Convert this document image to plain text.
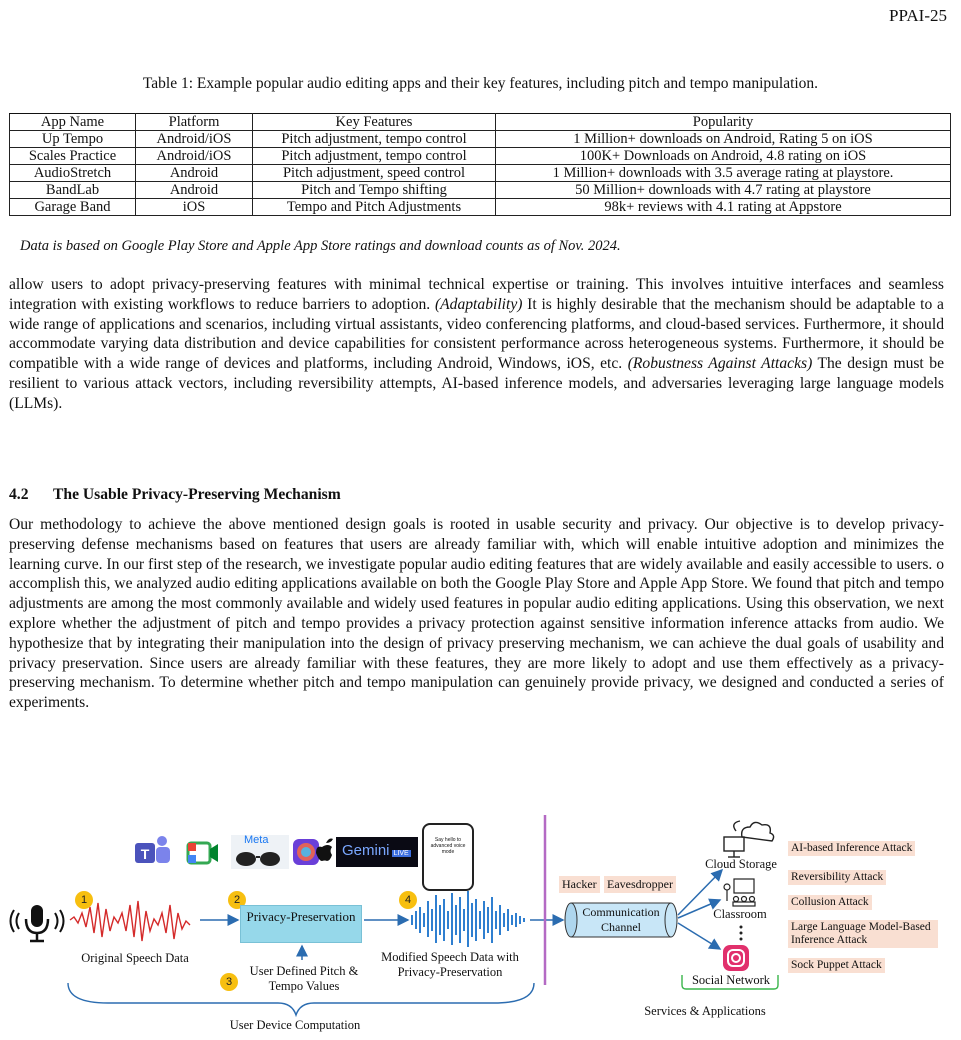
PPAI-25
Table 1: Example popular audio editing apps and their key features, including pitch and tempo manipulation.
App Name	Platform	Key Features	Popularity
Up Tempo	Android/iOS	Pitch adjustment, tempo control	1 Million+ downloads on Android, Rating 5 on iOS
Scales Practice	Android/iOS	Pitch adjustment, tempo control	100K+ Downloads on Android, 4.8 rating on iOS
AudioStretch	Android	Pitch adjustment, speed control	1 Million+ downloads with 3.5 average rating at playstore.
BandLab	Android	Pitch and Tempo shifting	50 Million+ downloads with 4.7 rating at playstore
Garage Band	iOS	Tempo and Pitch Adjustments	98k+ reviews with 4.1 rating at Appstore
Data is based on Google Play Store and Apple App Store ratings and download counts as of Nov. 2024.

allow users to adopt privacy-preserving features with minimal technical expertise or training. This involves intuitive interfaces and seamless integration with existing workflows to reduce barriers to adoption. (Adaptability) It is highly desirable that the mechanism should be adaptable to a wide range of applications and scenarios, including virtual assistants, video conferencing platforms, and cloud-based services. Furthermore, it should accommodate varying data distribution and device capabilities for consistent performance across heterogeneous systems. Furthermore, it should be compatible with a wide range of devices and platforms, including Android, Windows, iOS, etc. (Robustness Against Attacks) The design must be resilient to various attack vectors, including reversibility attempts, AI-based inference models, and adversaries leveraging large language models (LLMs).

4.2 The Usable Privacy-Preserving Mechanism

Our methodology to achieve the above mentioned design goals is rooted in usable security and privacy. Our objective is to develop privacy-preserving defense mechanisms based on features that users are already familiar with, which will enable intuitive adoption and minimizes the learning curve. In our first step of the research, we investigate popular audio editing features that are widely available and easily accessible to users. o accomplish this, we analyzed audio editing applications available on both the Google Play Store and Apple App Store. We found that pitch and tempo adjustments are among the most commonly available and widely used features in popular audio editing applications. Using this observation, we next explore whether the adjustment of pitch and tempo provides a privacy protection against sensitive information inference attacks from audio. We hypothesize that by integrating their manipulation into the design of privacy preserving mechanism, we can achieve the dual goals of usability and privacy preservation. Since users are already familiar with these features, they are more likely to adopt and use them effectively as a privacy-preserving mechanism. To determine whether pitch and tempo manipulation can genuinely provide privacy, we designed and conducted a series of experiments.

T
Meta
Gemini LIVE
Say hello to advanced voice mode
1	2
3
4
Privacy-Preservation
Original Speech Data
User Defined Pitch & Tempo Values
Modified Speech Data with Privacy-Preservation
User Device Computation
Hacker Eavesdropper
Communication Channel
Cloud Storage
Classroom
Social Network
Services & Applications
AI-based Inference Attack
Reversibility Attack
Collusion Attack
Large Language Model-Based Inference Attack
Sock Puppet Attack
